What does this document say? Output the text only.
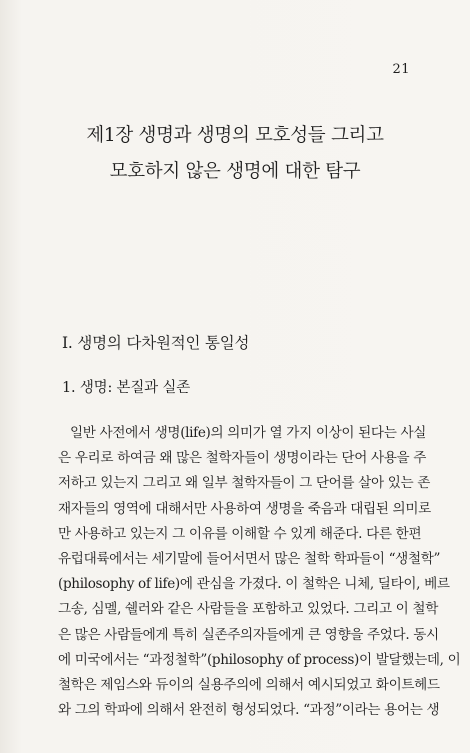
21
제1장 생명과 생명의 모호성들 그리고
모호하지 않은 생명에 대한 탐구
I. 생명의 다차원적인 통일성
1. 생명: 본질과 실존
일반 사전에서 생명(life)의 의미가 열 가지 이상이 된다는 사실
은 우리로 하여금 왜 많은 철학자들이 생명이라는 단어 사용을 주
저하고 있는지 그리고 왜 일부 철학자들이 그 단어를 살아 있는 존
재자들의 영역에 대해서만 사용하여 생명을 죽음과 대립된 의미로
만 사용하고 있는지 그 이유를 이해할 수 있게 해준다. 다른 한편
유럽대륙에서는 세기말에 들어서면서 많은 철학 학파들이 “생철학”
(philosophy of life)에 관심을 가졌다. 이 철학은 니체, 딜타이, 베르
그송, 심멜, 쉘러와 같은 사람들을 포함하고 있었다. 그리고 이 철학
은 많은 사람들에게 특히 실존주의자들에게 큰 영향을 주었다. 동시
에 미국에서는 “과정철학”(philosophy of process)이 발달했는데, 이
철학은 제임스와 듀이의 실용주의에 의해서 예시되었고 화이트헤드
와 그의 학파에 의해서 완전히 형성되었다. “과정”이라는 용어는 생
